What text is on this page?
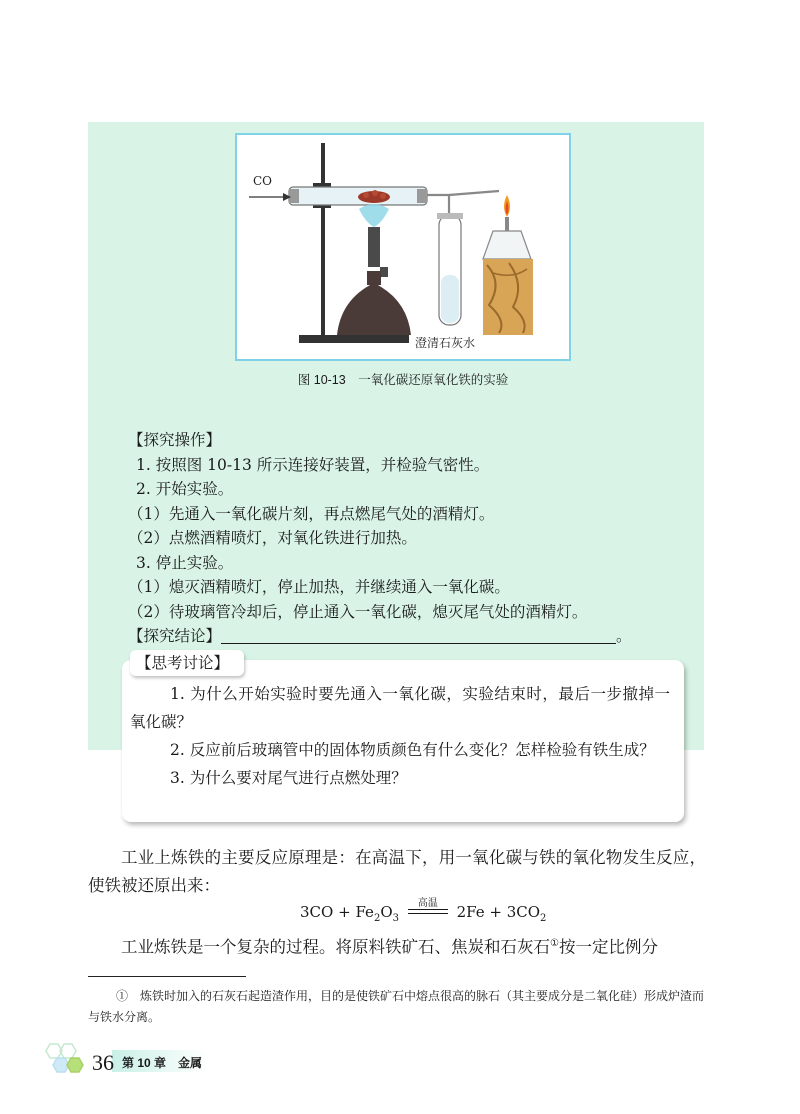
CO
澄清石灰水
图 10-13　一氧化碳还原氧化铁的实验
【探究操作】
1. 按照图 10-13 所示连接好装置，并检验气密性。
2. 开始实验。
（1）先通入一氧化碳片刻，再点燃尾气处的酒精灯。
（2）点燃酒精喷灯，对氧化铁进行加热。
3. 停止实验。
（1）熄灭酒精喷灯，停止加热，并继续通入一氧化碳。
（2）待玻璃管冷却后，停止通入一氧化碳，熄灭尾气处的酒精灯。
【探究结论】	。
【思考讨论】

1. 为什么开始实验时要先通入一氧化碳，实验结束时，最后一步撤掉一氧化碳？

2. 反应前后玻璃管中的固体物质颜色有什么变化？怎样检验有铁生成？

3. 为什么要对尾气进行点燃处理？

工业上炼铁的主要反应原理是：在高温下，用一氧化碳与铁的氧化物发生反应，使铁被还原出来：

$3CO + Fe_2O_3$
高温	$2Fe + 3CO_2$
工业炼铁是一个复杂的过程。将原料铁矿石、焦炭和石灰石①按一定比例分

①　炼铁时加入的石灰石起造渣作用，目的是使铁矿石中熔点很高的脉石（其主要成分是二氧化硅）形成炉渣而与铁水分离。

36 第 10 章　金属
